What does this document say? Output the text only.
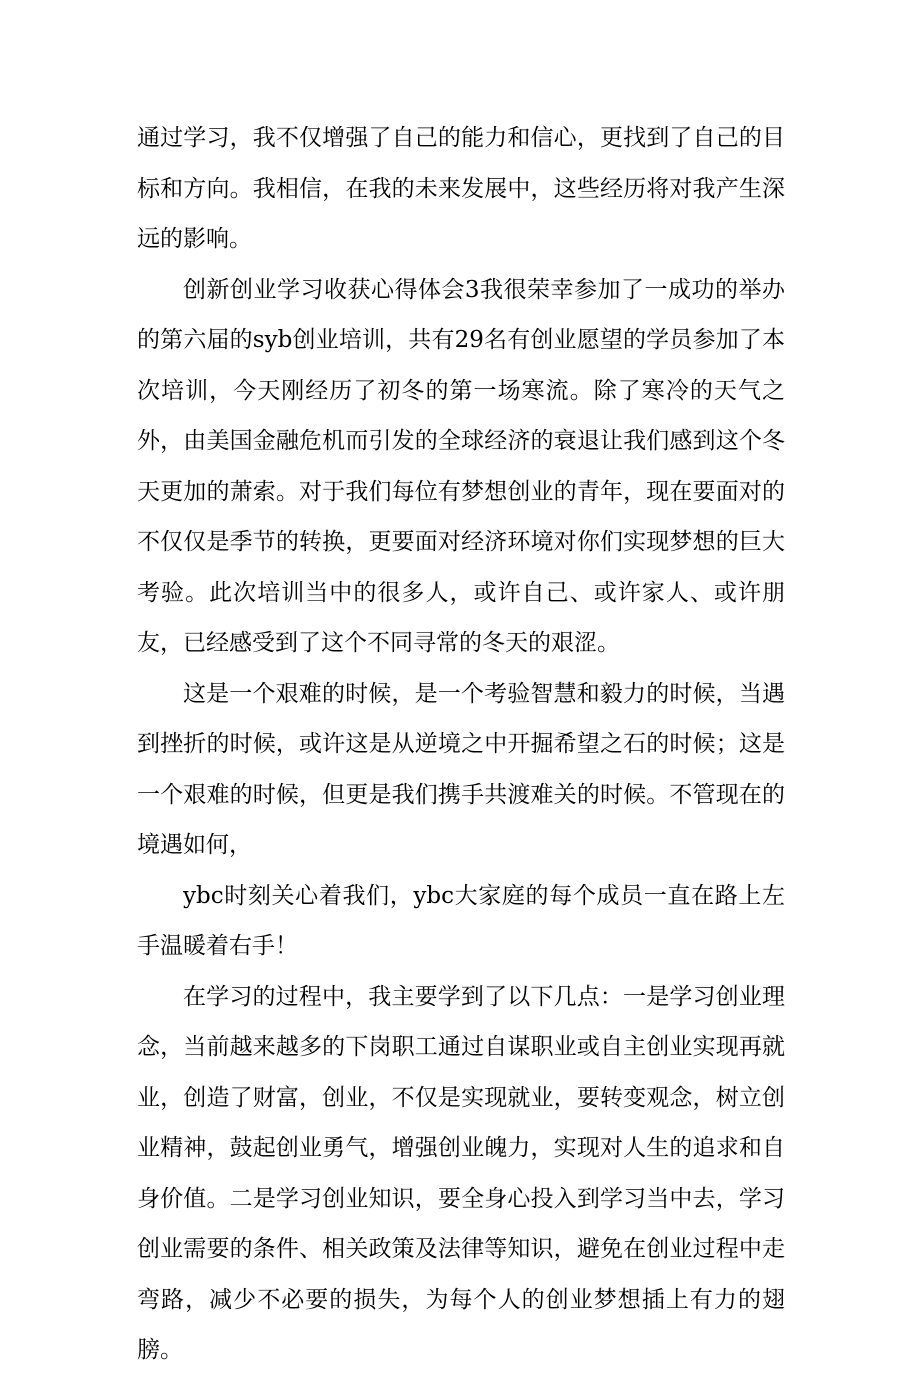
通过学习，我不仅增强了自己的能力和信心，更找到了自己的目标和方向。我相信，在我的未来发展中，这些经历将对我产生深远的影响。

创新创业学习收获心得体会3我很荣幸参加了一成功的举办的第六届的syb创业培训，共有29名有创业愿望的学员参加了本次培训，今天刚经历了初冬的第一场寒流。除了寒冷的天气之外，由美国金融危机而引发的全球经济的衰退让我们感到这个冬天更加的萧索。对于我们每位有梦想创业的青年，现在要面对的不仅仅是季节的转换，更要面对经济环境对你们实现梦想的巨大考验。此次培训当中的很多人，或许自己、或许家人、或许朋友，已经感受到了这个不同寻常的冬天的艰涩。

这是一个艰难的时候，是一个考验智慧和毅力的时候，当遇到挫折的时候，或许这是从逆境之中开掘希望之石的时候；这是一个艰难的时候，但更是我们携手共渡难关的时候。不管现在的境遇如何，

ybc时刻关心着我们，ybc大家庭的每个成员一直在路上左手温暖着右手！

在学习的过程中，我主要学到了以下几点：一是学习创业理念，当前越来越多的下岗职工通过自谋职业或自主创业实现再就业，创造了财富，创业，不仅是实现就业，要转变观念，树立创业精神，鼓起创业勇气，增强创业魄力，实现对人生的追求和自身价值。二是学习创业知识，要全身心投入到学习当中去，学习创业需要的条件、相关政策及法律等知识，避免在创业过程中走弯路，减少不必要的损失，为每个人的创业梦想插上有力的翅膀。
